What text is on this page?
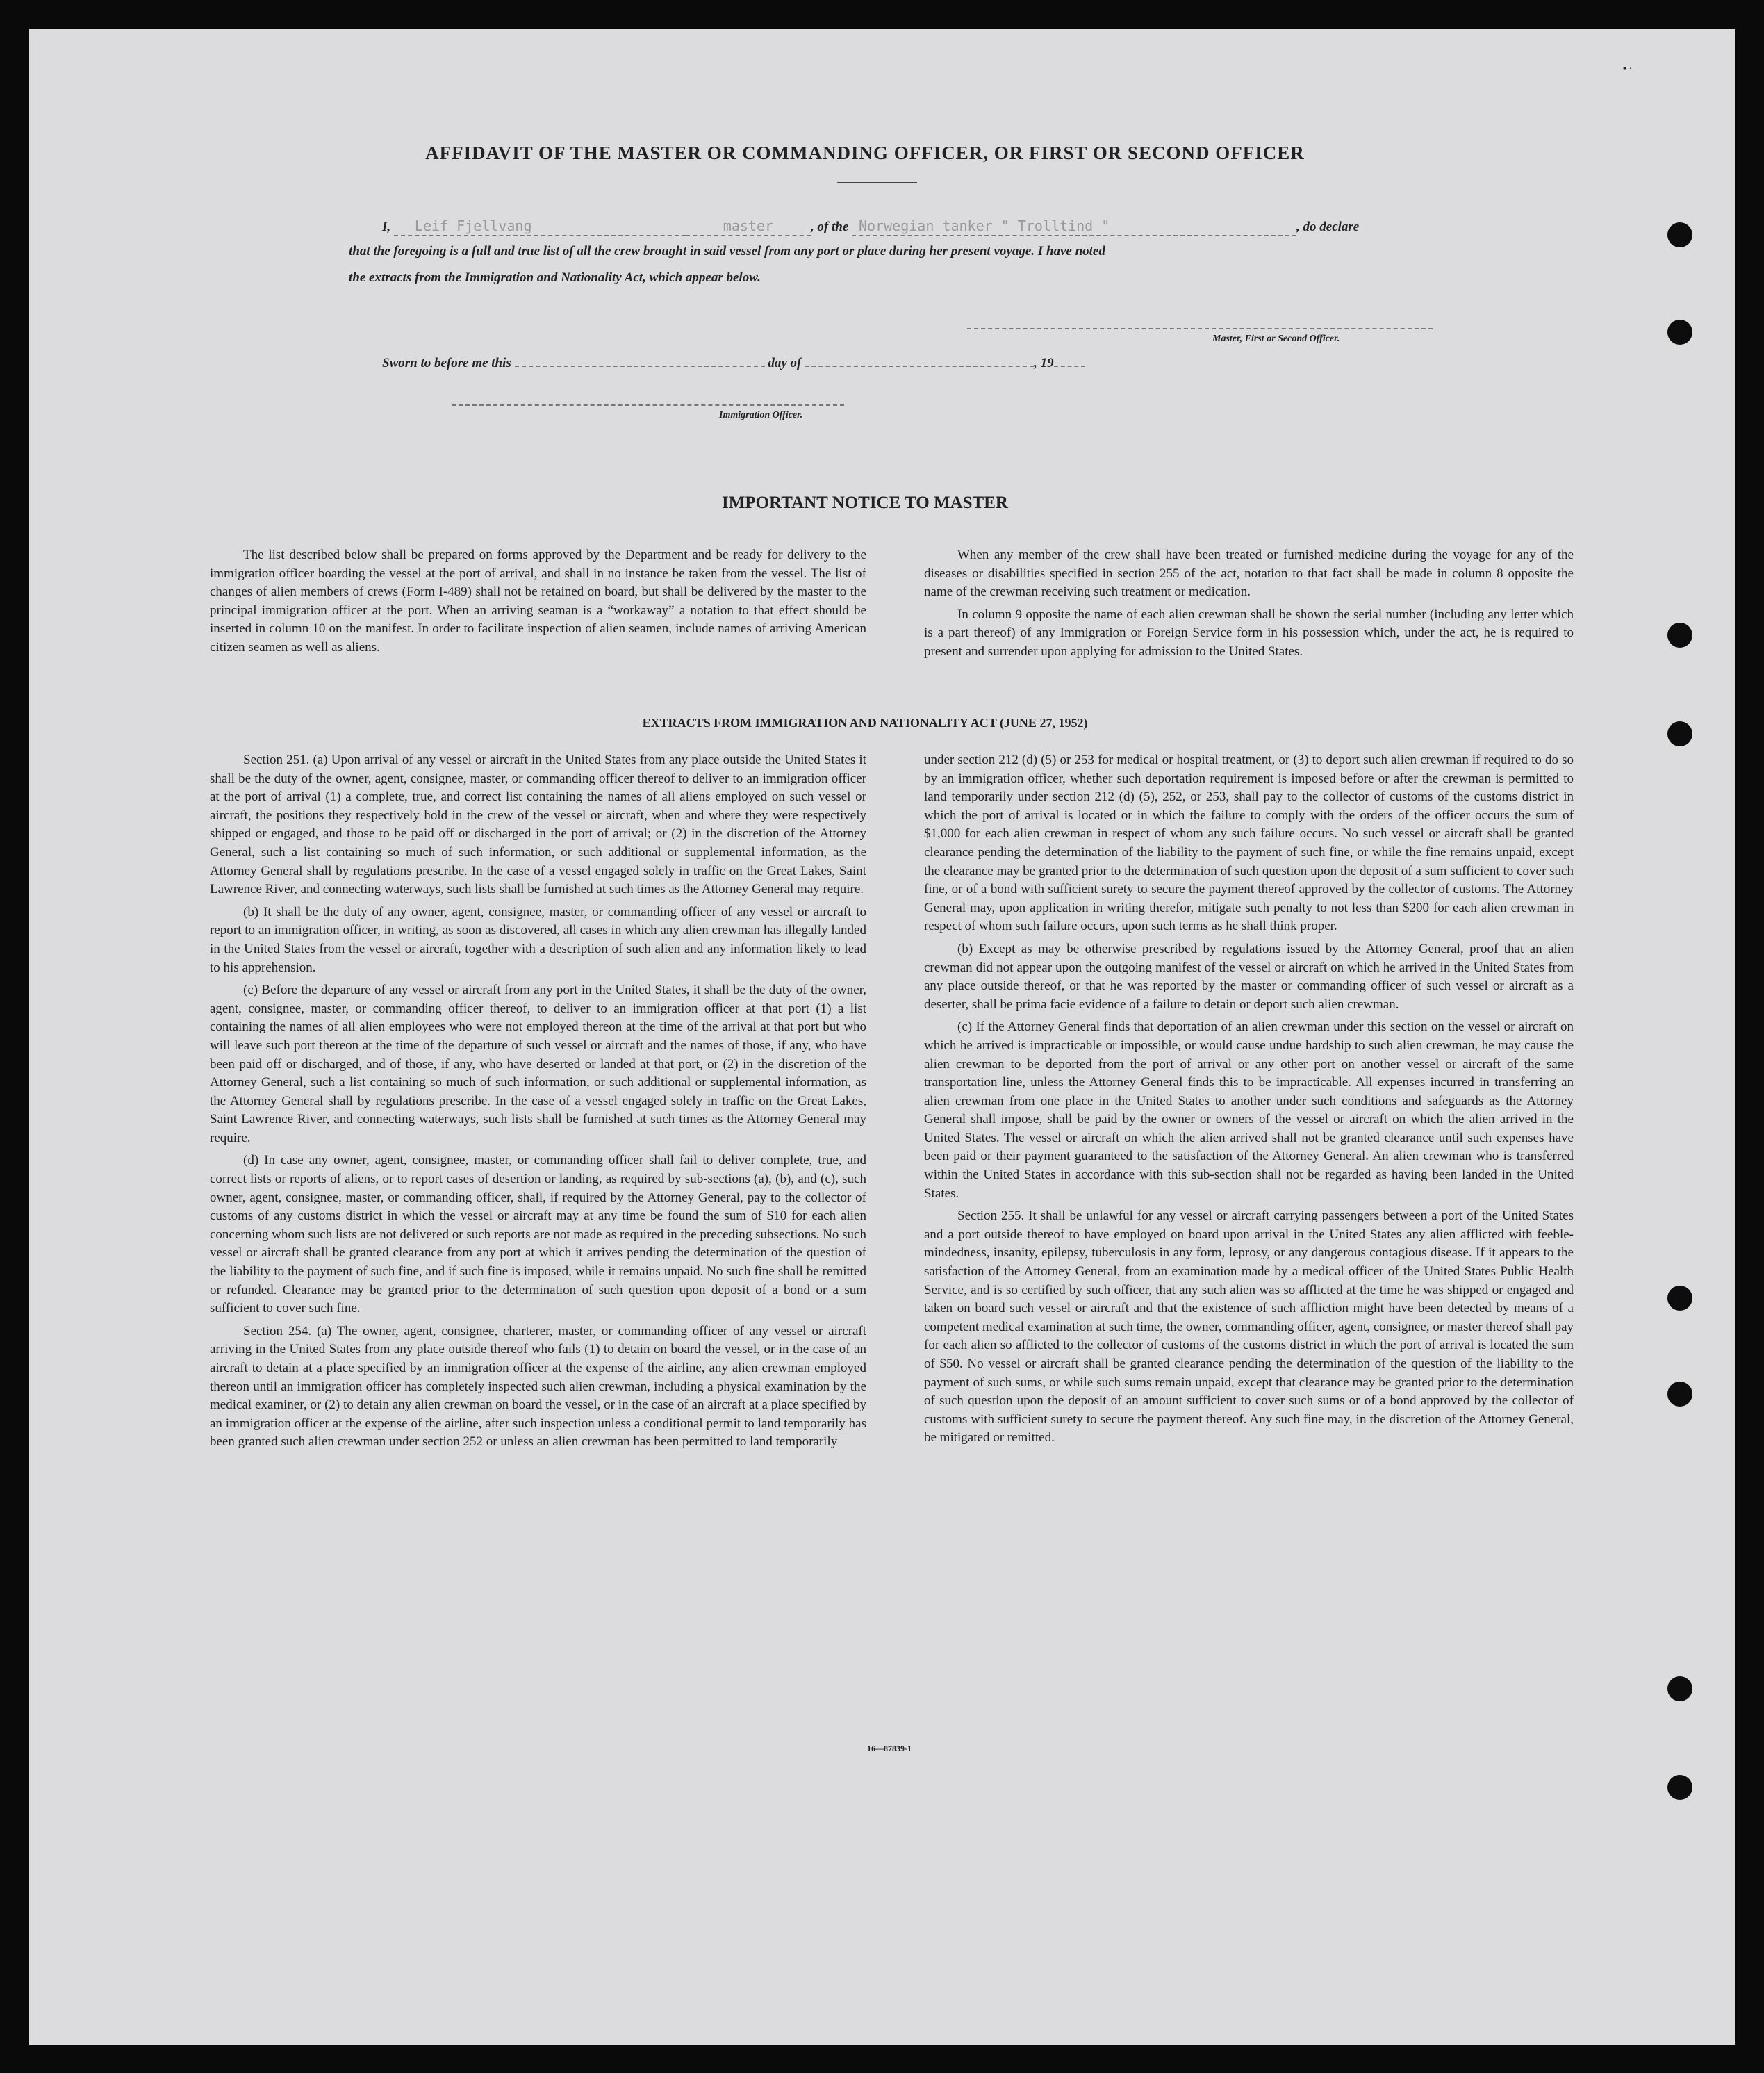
▪ ·
AFFIDAVIT OF THE MASTER OR COMMANDING OFFICER, OR FIRST OR SECOND OFFICER
I, Leif Fjellvang	master	, of the Norwegian tanker " Trolltind "	, do declare
that the foregoing is a full and true list of all the crew brought in said vessel from any port or place during her present voyage. I have noted
the extracts from the Immigration and Nationality Act, which appear below.
Master, First or Second Officer.
Sworn to before me this	day of	, 19
Immigration Officer.
IMPORTANT NOTICE TO MASTER

The list described below shall be prepared on forms approved by the Department and be ready for delivery to the immigration officer boarding the vessel at the port of arrival, and shall in no instance be taken from the vessel. The list of changes of alien members of crews (Form I-489) shall not be retained on board, but shall be delivered by the master to the principal immigration officer at the port. When an arriving seaman is a “workaway” a notation to that effect should be inserted in column 10 on the manifest. In order to facilitate inspection of alien seamen, include names of arriving American citizen seamen as well as aliens.

When any member of the crew shall have been treated or furnished medicine during the voyage for any of the diseases or disabilities specified in section 255 of the act, notation to that fact shall be made in column 8 opposite the name of the crewman receiving such treatment or medication.

In column 9 opposite the name of each alien crewman shall be shown the serial number (including any letter which is a part thereof) of any Immigration or Foreign Service form in his possession which, under the act, he is required to present and surrender upon applying for admission to the United States.

EXTRACTS FROM IMMIGRATION AND NATIONALITY ACT (JUNE 27, 1952)

Section 251. (a) Upon arrival of any vessel or aircraft in the United States from any place outside the United States it shall be the duty of the owner, agent, consignee, master, or commanding officer thereof to deliver to an immigration officer at the port of arrival (1) a complete, true, and correct list containing the names of all aliens employed on such vessel or aircraft, the positions they respectively hold in the crew of the vessel or aircraft, when and where they were respectively shipped or engaged, and those to be paid off or discharged in the port of arrival; or (2) in the discretion of the Attorney General, such a list containing so much of such information, or such additional or supplemental information, as the Attorney General shall by regulations prescribe. In the case of a vessel engaged solely in traffic on the Great Lakes, Saint Lawrence River, and connecting waterways, such lists shall be furnished at such times as the Attorney General may require.

(b) It shall be the duty of any owner, agent, consignee, master, or commanding officer of any vessel or aircraft to report to an immigration officer, in writing, as soon as discovered, all cases in which any alien crewman has illegally landed in the United States from the vessel or aircraft, together with a description of such alien and any information likely to lead to his apprehension.

(c) Before the departure of any vessel or aircraft from any port in the United States, it shall be the duty of the owner, agent, consignee, master, or commanding officer thereof, to deliver to an immigration officer at that port (1) a list containing the names of all alien employees who were not employed thereon at the time of the arrival at that port but who will leave such port thereon at the time of the departure of such vessel or aircraft and the names of those, if any, who have been paid off or discharged, and of those, if any, who have deserted or landed at that port, or (2) in the discretion of the Attorney General, such a list containing so much of such information, or such additional or supplemental information, as the Attorney General shall by regulations prescribe. In the case of a vessel engaged solely in traffic on the Great Lakes, Saint Lawrence River, and connecting waterways, such lists shall be furnished at such times as the Attorney General may require.

(d) In case any owner, agent, consignee, master, or commanding officer shall fail to deliver complete, true, and correct lists or reports of aliens, or to report cases of desertion or landing, as required by sub-sections (a), (b), and (c), such owner, agent, consignee, master, or commanding officer, shall, if required by the Attorney General, pay to the collector of customs of any customs district in which the vessel or aircraft may at any time be found the sum of $10 for each alien concerning whom such lists are not delivered or such reports are not made as required in the preceding subsections. No such vessel or aircraft shall be granted clearance from any port at which it arrives pending the determination of the question of the liability to the payment of such fine, and if such fine is imposed, while it remains unpaid. No such fine shall be remitted or refunded. Clearance may be granted prior to the determination of such question upon deposit of a bond or a sum sufficient to cover such fine.

Section 254. (a) The owner, agent, consignee, charterer, master, or commanding officer of any vessel or aircraft arriving in the United States from any place outside thereof who fails (1) to detain on board the vessel, or in the case of an aircraft to detain at a place specified by an immigration officer at the expense of the airline, any alien crewman employed thereon until an immigration officer has completely inspected such alien crewman, including a physical examination by the medical examiner, or (2) to detain any alien crewman on board the vessel, or in the case of an aircraft at a place specified by an immigration officer at the expense of the airline, after such inspection unless a conditional permit to land temporarily has been granted such alien crewman under section 252 or unless an alien crewman has been permitted to land temporarily

under section 212 (d) (5) or 253 for medical or hospital treatment, or (3) to deport such alien crewman if required to do so by an immigration officer, whether such deportation requirement is imposed before or after the crewman is permitted to land temporarily under section 212 (d) (5), 252, or 253, shall pay to the collector of customs of the customs district in which the port of arrival is located or in which the failure to comply with the orders of the officer occurs the sum of $1,000 for each alien crewman in respect of whom any such failure occurs. No such vessel or aircraft shall be granted clearance pending the determination of the liability to the payment of such fine, or while the fine remains unpaid, except the clearance may be granted prior to the determination of such question upon the deposit of a sum sufficient to cover such fine, or of a bond with sufficient surety to secure the payment thereof approved by the collector of customs. The Attorney General may, upon application in writing therefor, mitigate such penalty to not less than $200 for each alien crewman in respect of whom such failure occurs, upon such terms as he shall think proper.

(b) Except as may be otherwise prescribed by regulations issued by the Attorney General, proof that an alien crewman did not appear upon the outgoing manifest of the vessel or aircraft on which he arrived in the United States from any place outside thereof, or that he was reported by the master or commanding officer of such vessel or aircraft as a deserter, shall be prima facie evidence of a failure to detain or deport such alien crewman.

(c) If the Attorney General finds that deportation of an alien crewman under this section on the vessel or aircraft on which he arrived is impracticable or impossible, or would cause undue hardship to such alien crewman, he may cause the alien crewman to be deported from the port of arrival or any other port on another vessel or aircraft of the same transportation line, unless the Attorney General finds this to be impracticable. All expenses incurred in transferring an alien crewman from one place in the United States to another under such conditions and safeguards as the Attorney General shall impose, shall be paid by the owner or owners of the vessel or aircraft on which the alien arrived in the United States. The vessel or aircraft on which the alien arrived shall not be granted clearance until such expenses have been paid or their payment guaranteed to the satisfaction of the Attorney General. An alien crewman who is transferred within the United States in accordance with this sub-section shall not be regarded as having been landed in the United States.

Section 255. It shall be unlawful for any vessel or aircraft carrying passengers between a port of the United States and a port outside thereof to have employed on board upon arrival in the United States any alien afflicted with feeble-mindedness, insanity, epilepsy, tuberculosis in any form, leprosy, or any dangerous contagious disease. If it appears to the satisfaction of the Attorney General, from an examination made by a medical officer of the United States Public Health Service, and is so certified by such officer, that any such alien was so afflicted at the time he was shipped or engaged and taken on board such vessel or aircraft and that the existence of such affliction might have been detected by means of a competent medical examination at such time, the owner, commanding officer, agent, consignee, or master thereof shall pay for each alien so afflicted to the collector of customs of the customs district in which the port of arrival is located the sum of $50. No vessel or aircraft shall be granted clearance pending the determination of the question of the liability to the payment of such sums, or while such sums remain unpaid, except that clearance may be granted prior to the determination of such question upon the deposit of an amount sufficient to cover such sums or of a bond approved by the collector of customs with sufficient surety to secure the payment thereof. Any such fine may, in the discretion of the Attorney General, be mitigated or remitted.

16—87839-1
